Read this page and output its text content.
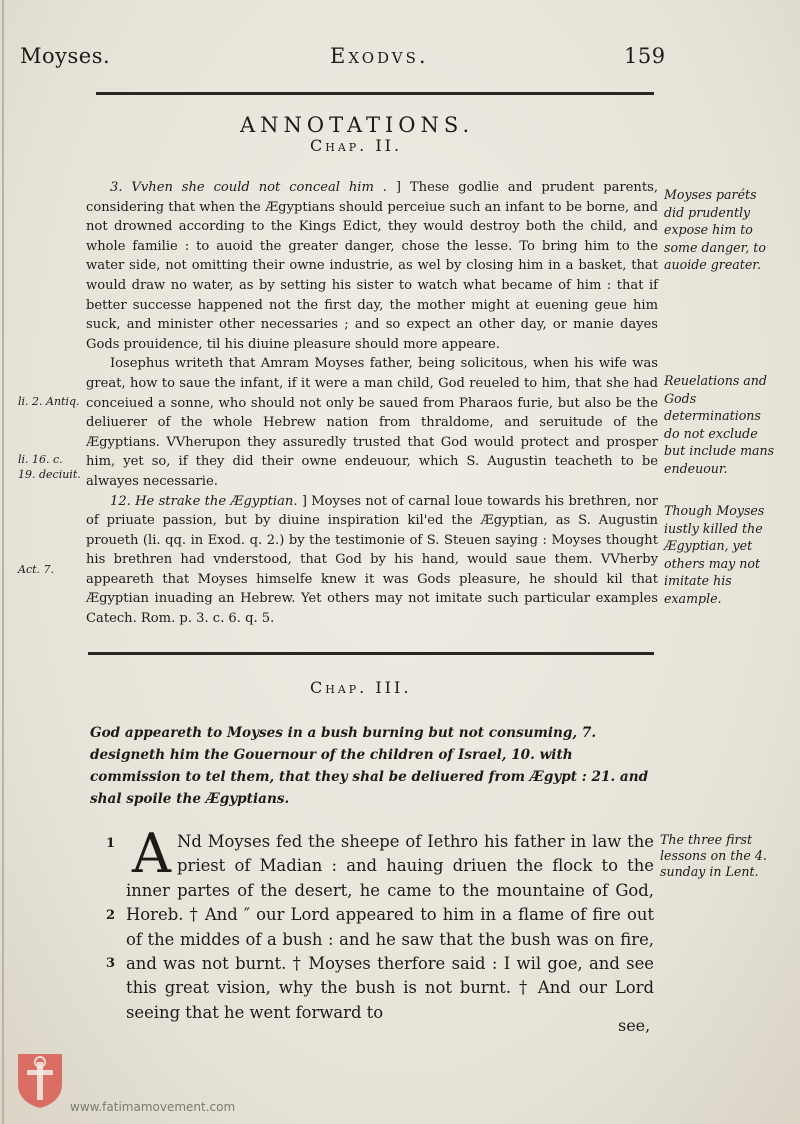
Moyses.	Exodvs.	159
ANNOTATIONS.
Chap. II.

3. Vvhen she could not conceal him . ] These godlie and prudent parents, considering that when the Ægyptians should perceiue such an infant to be borne, and not drowned according to the Kings Edict, they would destroy both the child, and whole familie : to auoid the greater danger, chose the lesse. To bring him to the water side, not omitting their owne industrie, as wel by closing him in a basket, that would draw no water, as by setting his sister to watch what became of him : that if better successe happened not the first day, the mother might at euening geue him suck, and minister other necessaries ; and so expect an other day, or manie dayes Gods prouidence, til his diuine pleasure should more appeare.

Iosephus writeth that Amram Moyses father, being solicitous, when his wife was great, how to saue the infant, if it were a man child, God reueled to him, that she had conceiued a sonne, who should not only be saued from Pharaos furie, but also be the deliuerer of the whole Hebrew nation from thraldome, and seruitude of the Ægyptians. VVherupon they assuredly trusted that God would protect and prosper him, yet so, if they did their owne endeuour, which S. Augustin teacheth to be alwayes necessarie.

12. He strake the Ægyptian. ] Moyses not of carnal loue towards his brethren, nor of priuate passion, but by diuine inspiration kil'ed the Ægyptian, as S. Augustin proueth (li. qq. in Exod. q. 2.) by the testimonie of S. Steuen saying : Moyses thought his brethren had vnderstood, that God by his hand, would saue them. VVherby appeareth that Moyses himselfe knew it was Gods pleasure, he should kil that Ægyptian inuading an Hebrew. Yet others may not imitate such particular examples Catech. Rom. p. 3. c. 6. q. 5.

li. 2. Antiq.
li. 16. c. 19. deciuit.
Act. 7.
Moyses paréts did prudently expose him to some danger, to auoide greater.
Reuelations and Gods determinations do not exclude but include mans endeuour.
Though Moyses iustly killed the Ægyptian, yet others may not imitate his example.
Chap. III.
God appeareth to Moyses in a bush burning but not consuming, 7. designeth him the Gouernour of the children of Israel, 10. with commission to tel them, that they shal be deliuered from Ægypt : 21. and shal spoile the Ægyptians.
1
2
3
A Nd Moyses fed the sheepe of Iethro his father in law the priest of Madian : and hauing driuen the flock to the inner partes of the desert, he came to the mountaine of God, Horeb. † And ″ our Lord appeared to him in a flame of fire out of the middes of a bush : and he saw that the bush was on fire, and was not burnt. † Moyses therfore said : I wil goe, and see this great vision, why the bush is not burnt. † And our Lord seeing that he went forward to
The three first lessons on the 4. sunday in Lent.
see,
www.fatimamovement.com
